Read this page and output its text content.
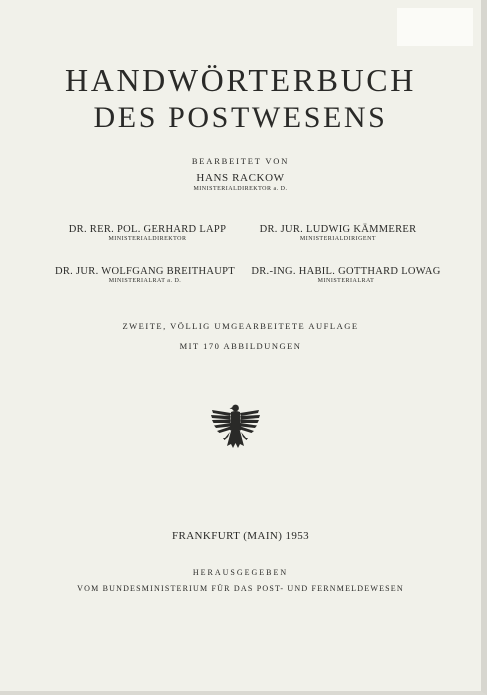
HANDWÖRTERBUCH
DES POSTWESENS
BEARBEITET VON
HANS RACKOW
MINISTERIALDIREKTOR a. D.
DR. RER. POL. GERHARD LAPP
MINISTERIALDIREKTOR
DR. JUR. LUDWIG KÄMMERER
MINISTERIALDIRIGENT
DR. JUR. WOLFGANG BREITHAUPT
MINISTERIALRAT a. D.
DR.-ING. HABIL. GOTTHARD LOWAG
MINISTERIALRAT
ZWEITE, VÖLLIG UMGEARBEITETE AUFLAGE
MIT 170 ABBILDUNGEN
FRANKFURT (MAIN) 1953
HERAUSGEGEBEN
VOM BUNDESMINISTERIUM FÜR DAS POST- UND FERNMELDEWESEN
